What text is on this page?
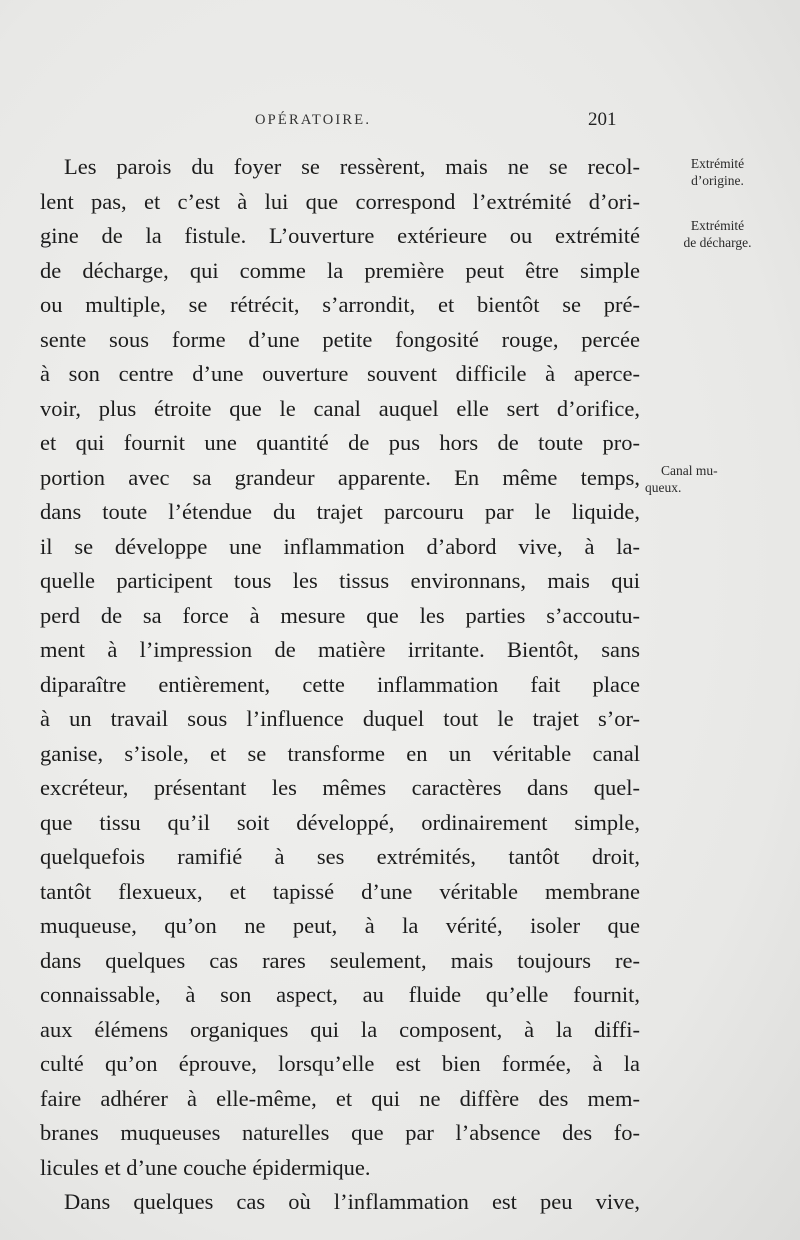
OPÉRATOIRE.	201
Les parois du foyer se ressèrent, mais ne se recol-
lent pas, et c’est à lui que correspond l’extrémité d’ori-
gine de la fistule. L’ouverture extérieure ou extrémité
de décharge, qui comme la première peut être simple
ou multiple, se rétrécit, s’arrondit, et bientôt se pré-
sente sous forme d’une petite fongosité rouge, percée
à son centre d’une ouverture souvent difficile à aperce-
voir, plus étroite que le canal auquel elle sert d’orifice,
et qui fournit une quantité de pus hors de toute pro-
portion avec sa grandeur apparente. En même temps,
dans toute l’étendue du trajet parcouru par le liquide,
il se développe une inflammation d’abord vive, à la-
quelle participent tous les tissus environnans, mais qui
perd de sa force à mesure que les parties s’accoutu-
ment à l’impression de matière irritante. Bientôt, sans
diparaître entièrement, cette inflammation fait place
à un travail sous l’influence duquel tout le trajet s’or-
ganise, s’isole, et se transforme en un véritable canal
excréteur, présentant les mêmes caractères dans quel-
que tissu qu’il soit développé, ordinairement simple,
quelquefois ramifié à ses extrémités, tantôt droit,
tantôt flexueux, et tapissé d’une véritable membrane
muqueuse, qu’on ne peut, à la vérité, isoler que
dans quelques cas rares seulement, mais toujours re-
connaissable, à son aspect, au fluide qu’elle fournit,
aux élémens organiques qui la composent, à la diffi-
culté qu’on éprouve, lorsqu’elle est bien formée, à la
faire adhérer à elle-même, et qui ne diffère des mem-
branes muqueuses naturelles que par l’absence des fo-
licules et d’une couche épidermique.
Dans quelques cas où l’inflammation est peu vive,
Extrémité
d’origine.
Extrémité
de décharge.
Canal mu-
queux.
